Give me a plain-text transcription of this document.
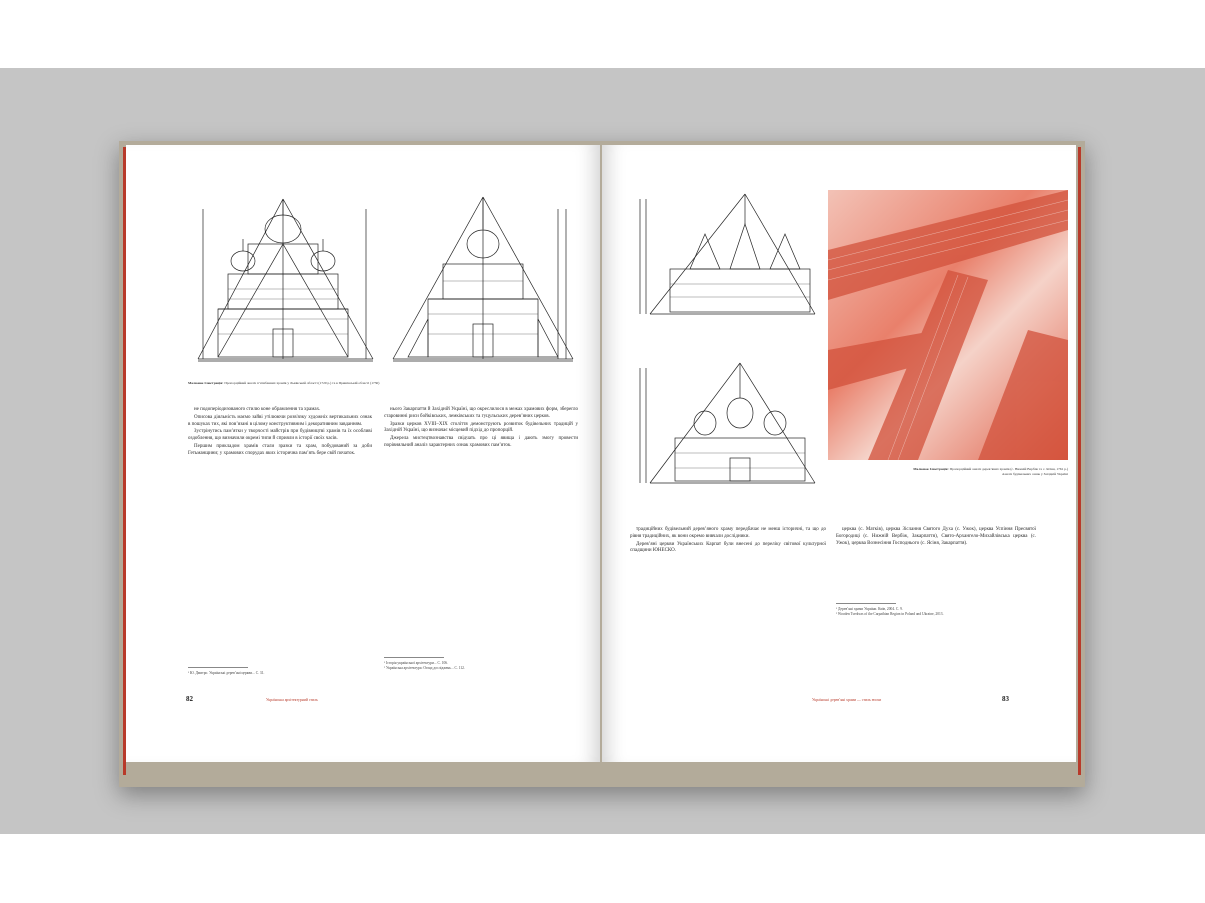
Малюнок Ілюстрація: Пропорційний аналіз п’ятибанних храмів у Львівській області (1720 р.) та в Пряшівській області (1730)

не подоперіодизованого стилю коне обрамлення та храмах.

Описова діяльність маємо зайві утілюючи розв'язку художніх вертикальних ознак в пошуках тих, які пов’язані в цілому конструктивним і декоративним завданням.

Зустрінутись пам’ятки у творчості майстрів при будівництві храмів та їх особливі оздоблення, що визначили окремі типи й сприяли в історії своїх часів.

Першим прикладом храмів стали зразки та храм, побудований за доби Гетьманщини; у храмових спорудах яких історична пам’ять бере свій початок.

нього Закарпаття й Західній Україні, що окреслилося в межах храмових форм, зберегло старовинні риси бойківських, лемківських та гуцульських дерев’яних церков.

Зразки церков XVIII–XIX століття демонструють розвиток будівельних традицій у Західній Україні, що визначає місцевий підхід до пропорцій.

Джерела мистецтвознавства свідчать про ці явища і дають змогу провести порівняльний аналіз характерних ознак храмових пам’яток.

¹ Ю. Дмитро. Українські дерев’яні церкви... С. 31.
¹ Історія української архітектури... С. 106.
² Українська архітектура: Огляд досліджень... С. 112.
82	Українська архітектурний стиль
Малюнок Ілюстрація: Пропорційний аналіз дерев’яних храмів (с. Нижній Вербіж та с. Ясіня, 1761 р.)
Аналіз будівельних ознак у Західній Україні

традиційних будівельний дерев’яного храму передбачає не менш історичні, та що до рівня традиційних, як вони окремо вивчали дослідники.

Дерев’яні церкви Українських Карпат були внесені до переліку світової культурної спадщини ЮНЕСКО.

церква (с. Матків), церква Зіслання Святого Духа (с. Ужок), церква Успіння Пресвятої Богородиці (с. Нижній Вербіж, Закарпаття), Свято-Архангело-Михайлівська церква (с. Ужок), церква Вознесіння Господнього (с. Ясіня, Закарпаття).

¹ Дерев’яні храми України. Київ, 2004. С. 9.
² Wooden Tserkvas of the Carpathian Region in Poland and Ukraine, 2013.
Українські дерев’яні храми — стиль епохи	83
